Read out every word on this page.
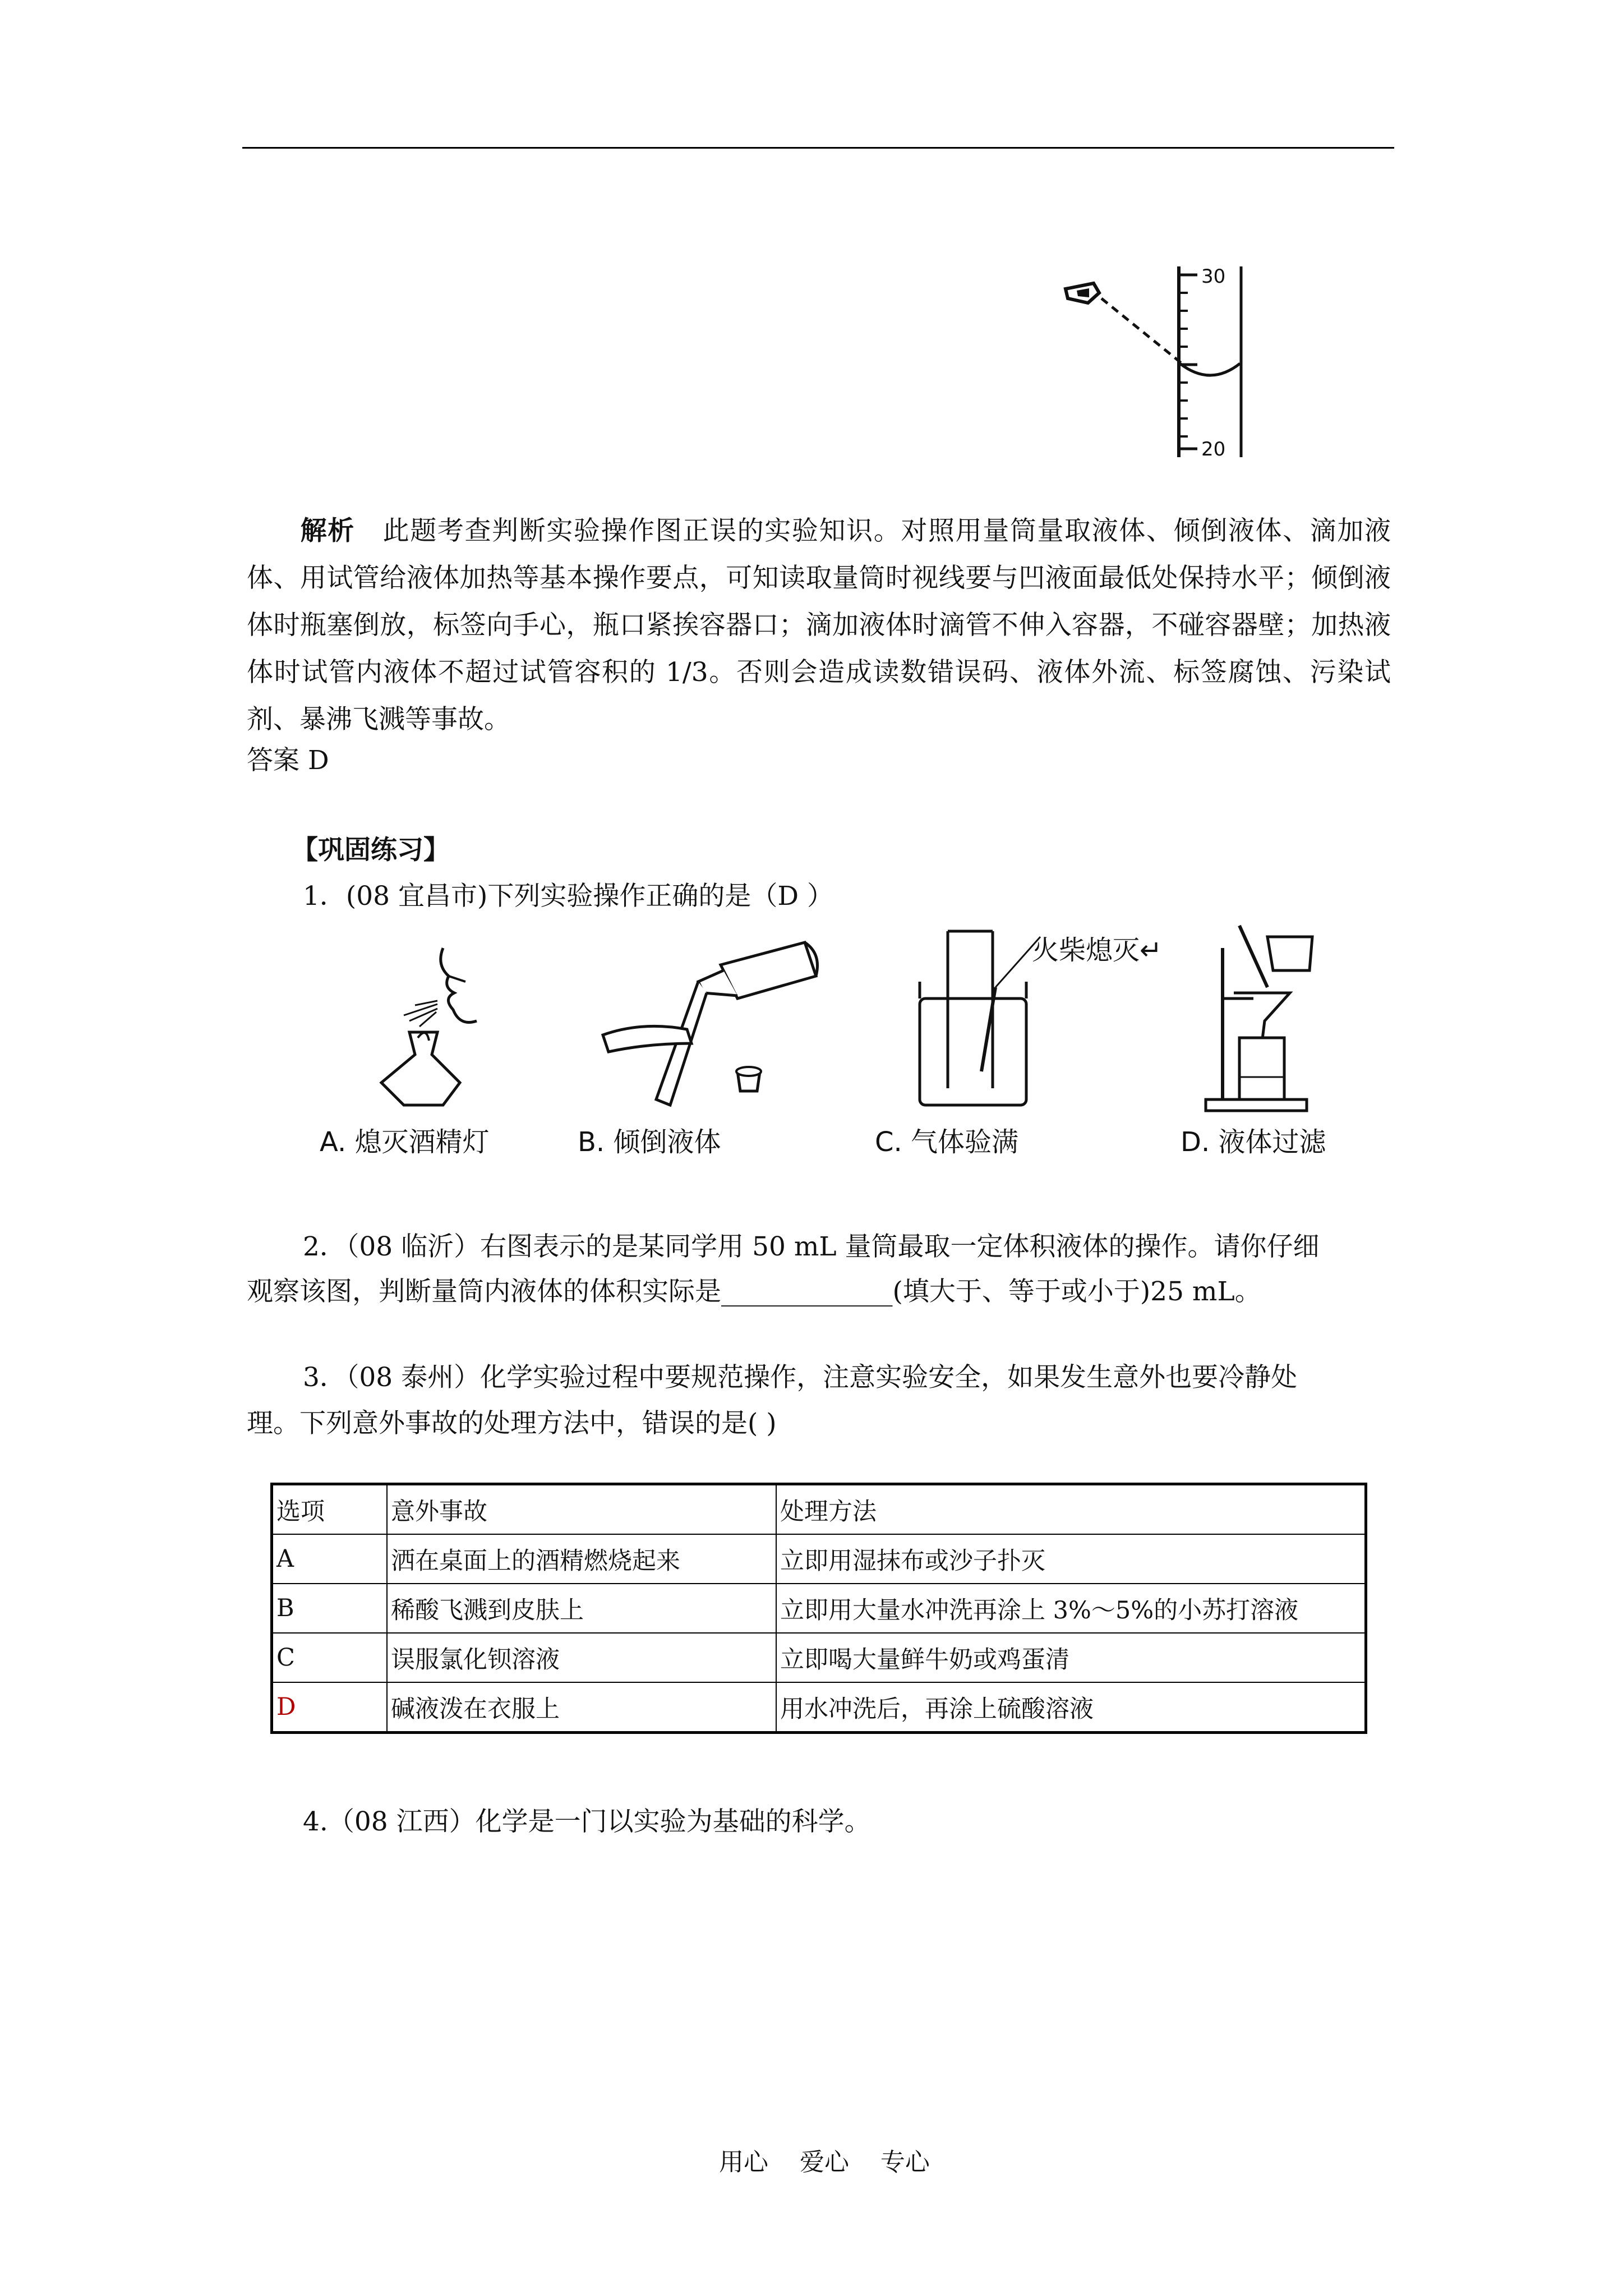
30
20
解析 此题考查判断实验操作图正误的实验知识。对照用量筒量取液体、倾倒液体、滴加液体、用试管给液体加热等基本操作要点，可知读取量筒时视线要与凹液面最低处保持水平；倾倒液体时瓶塞倒放，标签向手心，瓶口紧挨容器口；滴加液体时滴管不伸入容器，不碰容器壁；加热液体时试管内液体不超过试管容积的 1/3。否则会造成读数错误码、液体外流、标签腐蚀、污染试剂、暴沸飞溅等事故。
答案 D
【巩固练习】
1．(08 宜昌市)下列实验操作正确的是（D ）
火柴熄灭↵
A. 熄灭酒精灯	B. 倾倒液体	C. 气体验满	D. 液体过滤
2．（08 临沂）右图表示的是某同学用 50 mL 量筒最取一定体积液体的操作。请你仔细
观察该图，判断量筒内液体的体积实际是_____________(填大于、等于或小于)25 mL。
3．（08 泰州）化学实验过程中要规范操作，注意实验安全，如果发生意外也要冷静处
理。下列意外事故的处理方法中，错误的是( )
选项	意外事故	处理方法
A	洒在桌面上的酒精燃烧起来	立即用湿抹布或沙子扑灭
B	稀酸飞溅到皮肤上	立即用大量水冲洗再涂上 3%～5%的小苏打溶液
C	误服氯化钡溶液	立即喝大量鲜牛奶或鸡蛋清
D	碱液泼在衣服上	用水冲洗后，再涂上硫酸溶液
4.（08 江西）化学是一门以实验为基础的科学。
用心    爱心    专心
